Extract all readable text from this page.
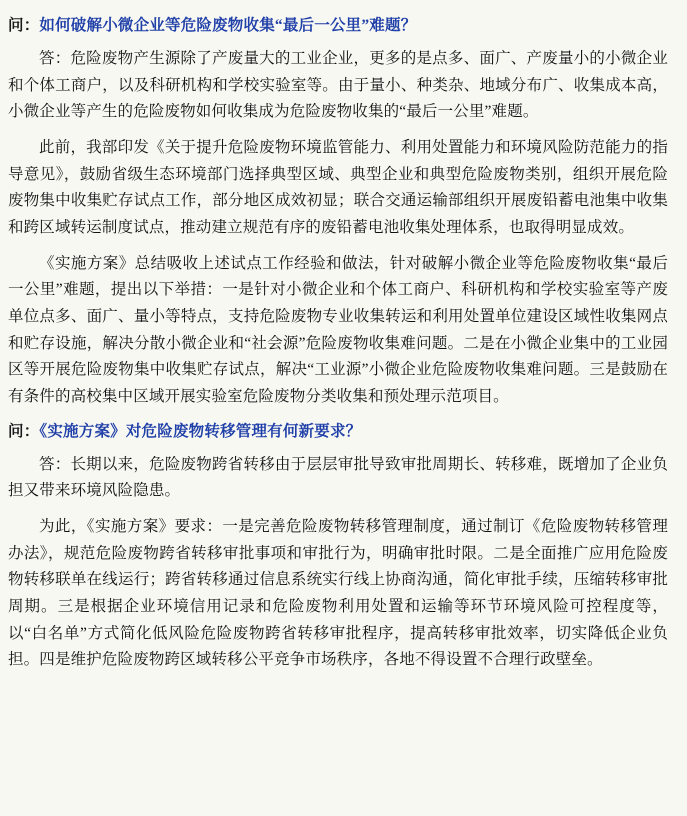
问：如何破解小微企业等危险废物收集“最后一公里”难题？

答：危险废物产生源除了产废量大的工业企业，更多的是点多、面广、产废量小的小微企业和个体工商户，以及科研机构和学校实验室等。由于量小、种类杂、地域分布广、收集成本高，小微企业等产生的危险废物如何收集成为危险废物收集的“最后一公里”难题。

此前，我部印发《关于提升危险废物环境监管能力、利用处置能力和环境风险防范能力的指导意见》，鼓励省级生态环境部门选择典型区域、典型企业和典型危险废物类别，组织开展危险废物集中收集贮存试点工作，部分地区成效初显；联合交通运输部组织开展废铅蓄电池集中收集和跨区域转运制度试点，推动建立规范有序的废铅蓄电池收集处理体系，也取得明显成效。

《实施方案》总结吸收上述试点工作经验和做法，针对破解小微企业等危险废物收集“最后一公里”难题，提出以下举措：一是针对小微企业和个体工商户、科研机构和学校实验室等产废单位点多、面广、量小等特点，支持危险废物专业收集转运和利用处置单位建设区域性收集网点和贮存设施，解决分散小微企业和“社会源”危险废物收集难问题。二是在小微企业集中的工业园区等开展危险废物集中收集贮存试点，解决“工业源”小微企业危险废物收集难问题。三是鼓励在有条件的高校集中区域开展实验室危险废物分类收集和预处理示范项目。

问：《实施方案》对危险废物转移管理有何新要求？

答：长期以来，危险废物跨省转移由于层层审批导致审批周期长、转移难，既增加了企业负担又带来环境风险隐患。

为此，《实施方案》要求：一是完善危险废物转移管理制度，通过制订《危险废物转移管理办法》，规范危险废物跨省转移审批事项和审批行为，明确审批时限。二是全面推广应用危险废物转移联单在线运行；跨省转移通过信息系统实行线上协商沟通，简化审批手续，压缩转移审批周期。三是根据企业环境信用记录和危险废物利用处置和运输等环节环境风险可控程度等，以“白名单”方式简化低风险危险废物跨省转移审批程序，提高转移审批效率，切实降低企业负担。四是维护危险废物跨区域转移公平竞争市场秩序，各地不得设置不合理行政壁垒。
